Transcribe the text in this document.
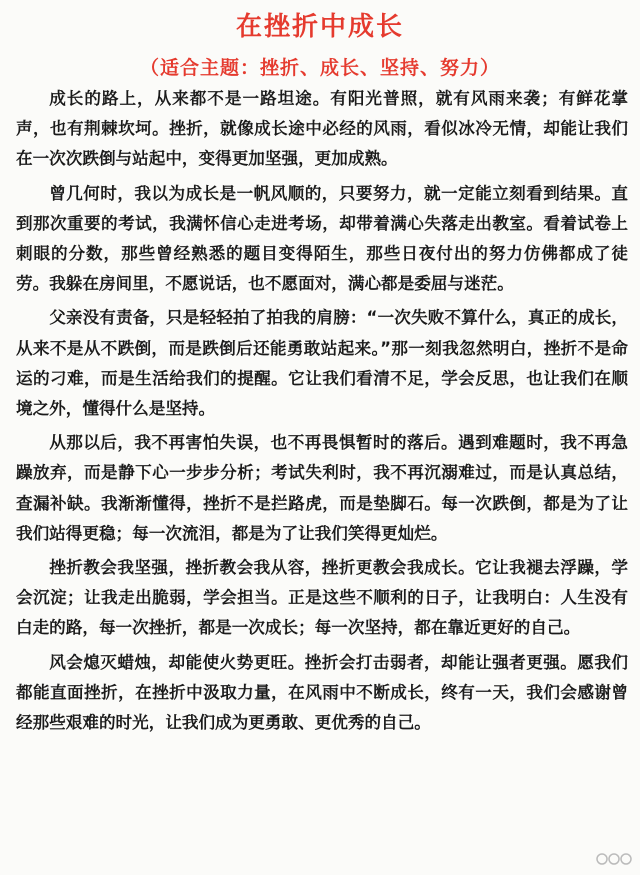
在挫折中成长
（适合主题：挫折、成长、坚持、努力）

成长的路上，从来都不是一路坦途。有阳光普照，就有风雨来袭；有鲜花掌声，也有荆棘坎坷。挫折，就像成长途中必经的风雨，看似冰冷无情，却能让我们在一次次跌倒与站起中，变得更加坚强，更加成熟。

曾几何时，我以为成长是一帆风顺的，只要努力，就一定能立刻看到结果。直到那次重要的考试，我满怀信心走进考场，却带着满心失落走出教室。看着试卷上刺眼的分数，那些曾经熟悉的题目变得陌生，那些日夜付出的努力仿佛都成了徒劳。我躲在房间里，不愿说话，也不愿面对，满心都是委屈与迷茫。

父亲没有责备，只是轻轻拍了拍我的肩膀：“一次失败不算什么，真正的成长，从来不是从不跌倒，而是跌倒后还能勇敢站起来。”那一刻我忽然明白，挫折不是命运的刁难，而是生活给我们的提醒。它让我们看清不足，学会反思，也让我们在顺境之外，懂得什么是坚持。

从那以后，我不再害怕失误，也不再畏惧暂时的落后。遇到难题时，我不再急躁放弃，而是静下心一步步分析；考试失利时，我不再沉溺难过，而是认真总结，查漏补缺。我渐渐懂得，挫折不是拦路虎，而是垫脚石。每一次跌倒，都是为了让我们站得更稳；每一次流泪，都是为了让我们笑得更灿烂。

挫折教会我坚强，挫折教会我从容，挫折更教会我成长。它让我褪去浮躁，学会沉淀；让我走出脆弱，学会担当。正是这些不顺利的日子，让我明白：人生没有白走的路，每一次挫折，都是一次成长；每一次坚持，都在靠近更好的自己。

风会熄灭蜡烛，却能使火势更旺。挫折会打击弱者，却能让强者更强。愿我们都能直面挫折，在挫折中汲取力量，在风雨中不断成长，终有一天，我们会感谢曾经那些艰难的时光，让我们成为更勇敢、更优秀的自己。
